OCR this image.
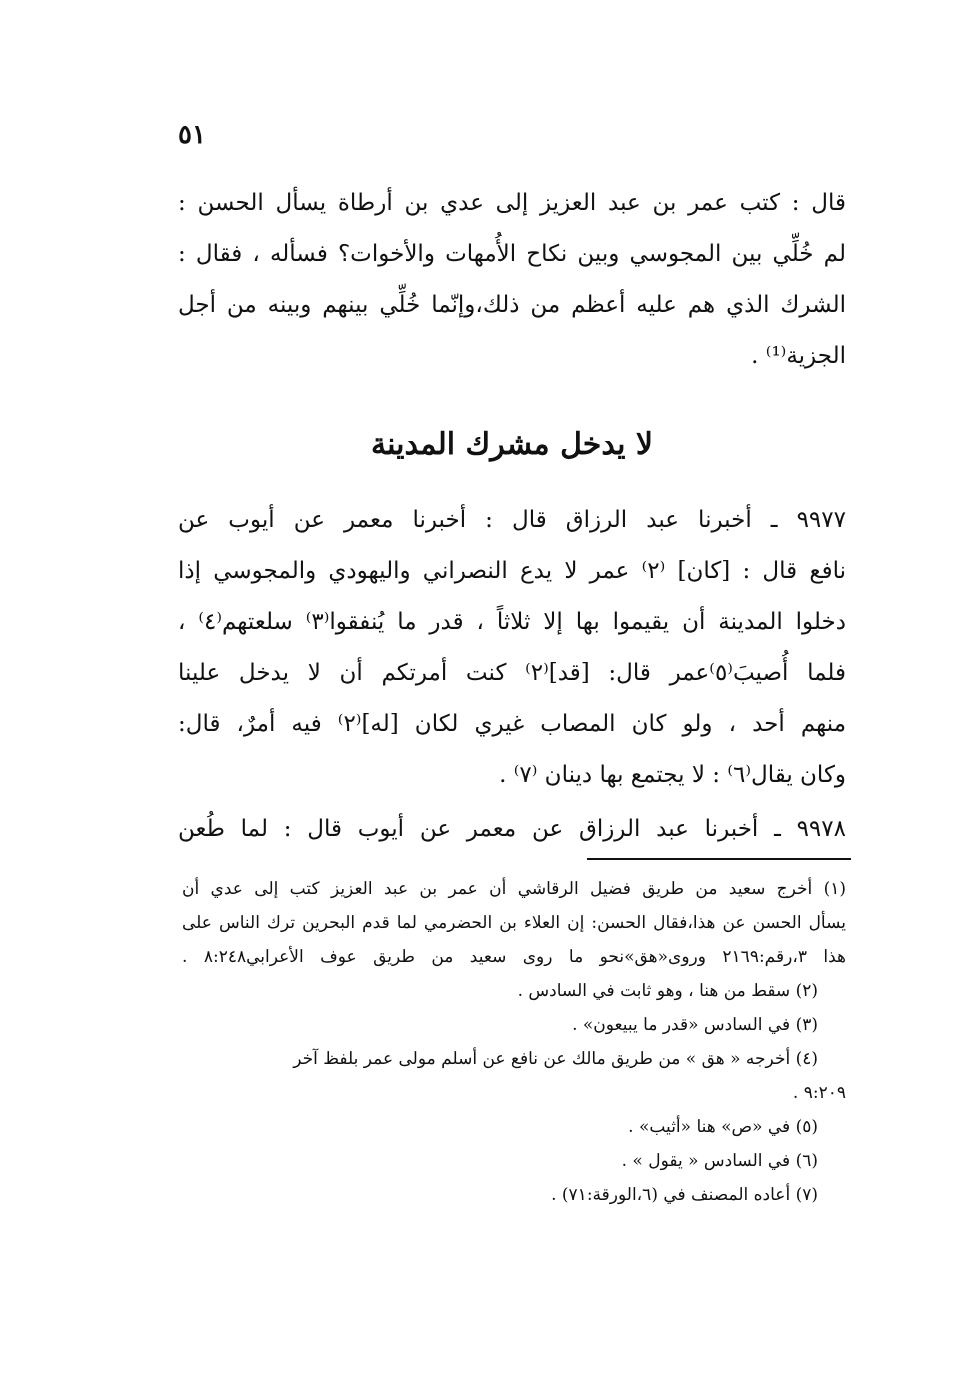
٥١
قال : كتب عمر بن عبد العزيز إلى عدي بن أرطاة يسأل الحسن :
لم خُلِّي بين المجوسي وبين نكاح الأُمهات والأخوات؟ فسأله ، فقال :
الشرك الذي هم عليه أعظم من ذلك،وإنّما خُلِّي بينهم وبينه من أجل
الجزية⁽¹⁾ .
لا يدخل مشرك المدينة
٩٩٧٧ ـ أخبرنا عبد الرزاق قال : أخبرنا معمر عن أيوب عن
نافع قال : [كان] ⁽٢⁾ عمر لا يدع النصراني واليهودي والمجوسي إذا
دخلوا المدينة أن يقيموا بها إلا ثلاثاً ، قدر ما يُنفقوا⁽٣⁾ سلعتهم⁽٤⁾ ،
فلما أُصيبَ⁽٥⁾عمر قال: [قد]⁽٢⁾ كنت أمرتكم أن لا يدخل علينا
منهم أحد ، ولو كان المصاب غيري لكان [له]⁽٢⁾ فيه أمرٌ، قال:
وكان يقال⁽٦⁾ : لا يجتمع بها دينان ⁽٧⁾ .
٩٩٧٨ ـ أخبرنا عبد الرزاق عن معمر عن أيوب قال : لما طُعن
(١) أخرج سعيد من طريق فضيل الرقاشي أن عمر بن عبد العزيز كتب إلى عدي أن
يسأل الحسن عن هذا،فقال الحسن: إن العلاء بن الحضرمي لما قدم البحرين ترك الناس على
هذا ٣،رقم:٢١٦٩ وروى«هق»نحو ما روى سعيد من طريق عوف الأعرابي٨:٢٤٨ .
(٢) سقط من هنا ، وهو ثابت في السادس .
(٣) في السادس «قدر ما يبيعون» .
(٤) أخرجه « هق » من طريق مالك عن نافع عن أسلم مولى عمر بلفظ آخر
٩:٢٠٩ .
(٥) في «ص» هنا «أثيب» .
(٦) في السادس « يقول » .
(٧) أعاده المصنف في (٦،الورقة:٧١) .
